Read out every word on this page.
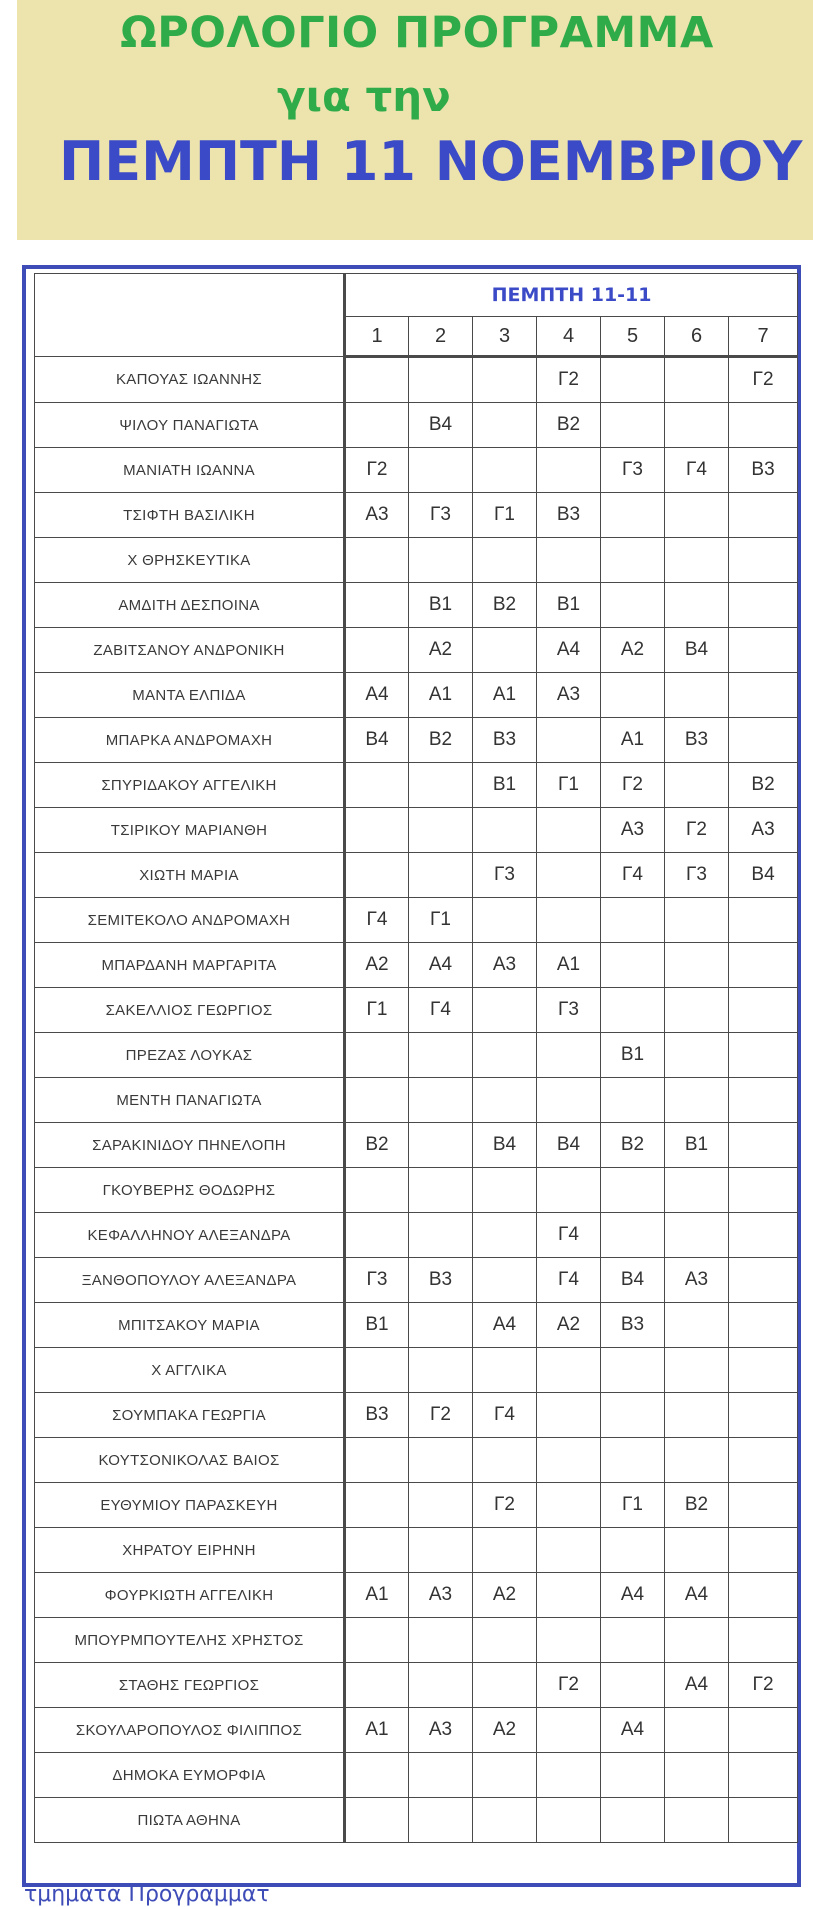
ΩΡΟΛΟΓΙΟ ΠΡΟΓΡΑΜΜΑ
για την
ΠΕΜΠΤΗ 11 ΝΟΕΜΒΡΙΟΥ
	ΠΕΜΠΤΗ 11-11						
	1	2	3	4	5	6	7
ΚΑΠΟΥΑΣ ΙΩΑΝΝΗΣ				Γ2			Γ2
ΨΙΛΟΥ ΠΑΝΑΓΙΩΤΑ		Β4		Β2			
ΜΑΝΙΑΤΗ ΙΩΑΝΝΑ	Γ2				Γ3	Γ4	Β3
ΤΣΙΦΤΗ ΒΑΣΙΛΙΚΗ	Α3	Γ3	Γ1	Β3			
Χ ΘΡΗΣΚΕΥΤΙΚΑ							
ΑΜΔΙΤΗ ΔΕΣΠΟΙΝΑ		Β1	Β2	Β1			
ΖΑΒΙΤΣΑΝΟΥ ΑΝΔΡΟΝΙΚΗ		Α2		Α4	Α2	Β4	
ΜΑΝΤΑ ΕΛΠΙΔΑ	Α4	Α1	Α1	Α3			
ΜΠΑΡΚΑ ΑΝΔΡΟΜΑΧΗ	Β4	Β2	Β3		Α1	Β3	
ΣΠΥΡΙΔΑΚΟΥ ΑΓΓΕΛΙΚΗ			Β1	Γ1	Γ2		Β2
ΤΣΙΡΙΚΟΥ ΜΑΡΙΑΝΘΗ					Α3	Γ2	Α3
ΧΙΩΤΗ ΜΑΡΙΑ			Γ3		Γ4	Γ3	Β4
ΣΕΜΙΤΕΚΟΛΟ ΑΝΔΡΟΜΑΧΗ	Γ4	Γ1					
ΜΠΑΡΔΑΝΗ ΜΑΡΓΑΡΙΤΑ	Α2	Α4	Α3	Α1			
ΣΑΚΕΛΛΙΟΣ ΓΕΩΡΓΙΟΣ	Γ1	Γ4		Γ3			
ΠΡΕΖΑΣ ΛΟΥΚΑΣ					Β1		
ΜΕΝΤΗ ΠΑΝΑΓΙΩΤΑ							
ΣΑΡΑΚΙΝΙΔΟΥ ΠΗΝΕΛΟΠΗ	Β2		Β4	Β4	Β2	Β1	
ΓΚΟΥΒΕΡΗΣ ΘΟΔΩΡΗΣ							
ΚΕΦΑΛΛΗΝΟΥ ΑΛΕΞΑΝΔΡΑ				Γ4			
ΞΑΝΘΟΠΟΥΛΟΥ ΑΛΕΞΑΝΔΡΑ	Γ3	Β3		Γ4	Β4	Α3	
ΜΠΙΤΣΑΚΟΥ ΜΑΡΙΑ	Β1		Α4	Α2	Β3		
Χ ΑΓΓΛΙΚΑ							
ΣΟΥΜΠΑΚΑ ΓΕΩΡΓΙΑ	Β3	Γ2	Γ4				
ΚΟΥΤΣΟΝΙΚΟΛΑΣ ΒΑΙΟΣ							
ΕΥΘΥΜΙΟΥ ΠΑΡΑΣΚΕΥΗ			Γ2		Γ1	Β2	
ΧΗΡΑΤΟΥ ΕΙΡΗΝΗ							
ΦΟΥΡΚΙΩΤΗ ΑΓΓΕΛΙΚΗ	Α1	Α3	Α2		Α4	Α4	
ΜΠΟΥΡΜΠΟΥΤΕΛΗΣ ΧΡΗΣΤΟΣ							
ΣΤΑΘΗΣ ΓΕΩΡΓΙΟΣ				Γ2		Α4	Γ2
ΣΚΟΥΛΑΡΟΠΟΥΛΟΣ ΦΙΛΙΠΠΟΣ	Α1	Α3	Α2		Α4		
ΔΗΜΟΚΑ ΕΥΜΟΡΦΙΑ							
ΠΙΩΤΑ ΑΘΗΝΑ							
τμηματα Προγραμματ
